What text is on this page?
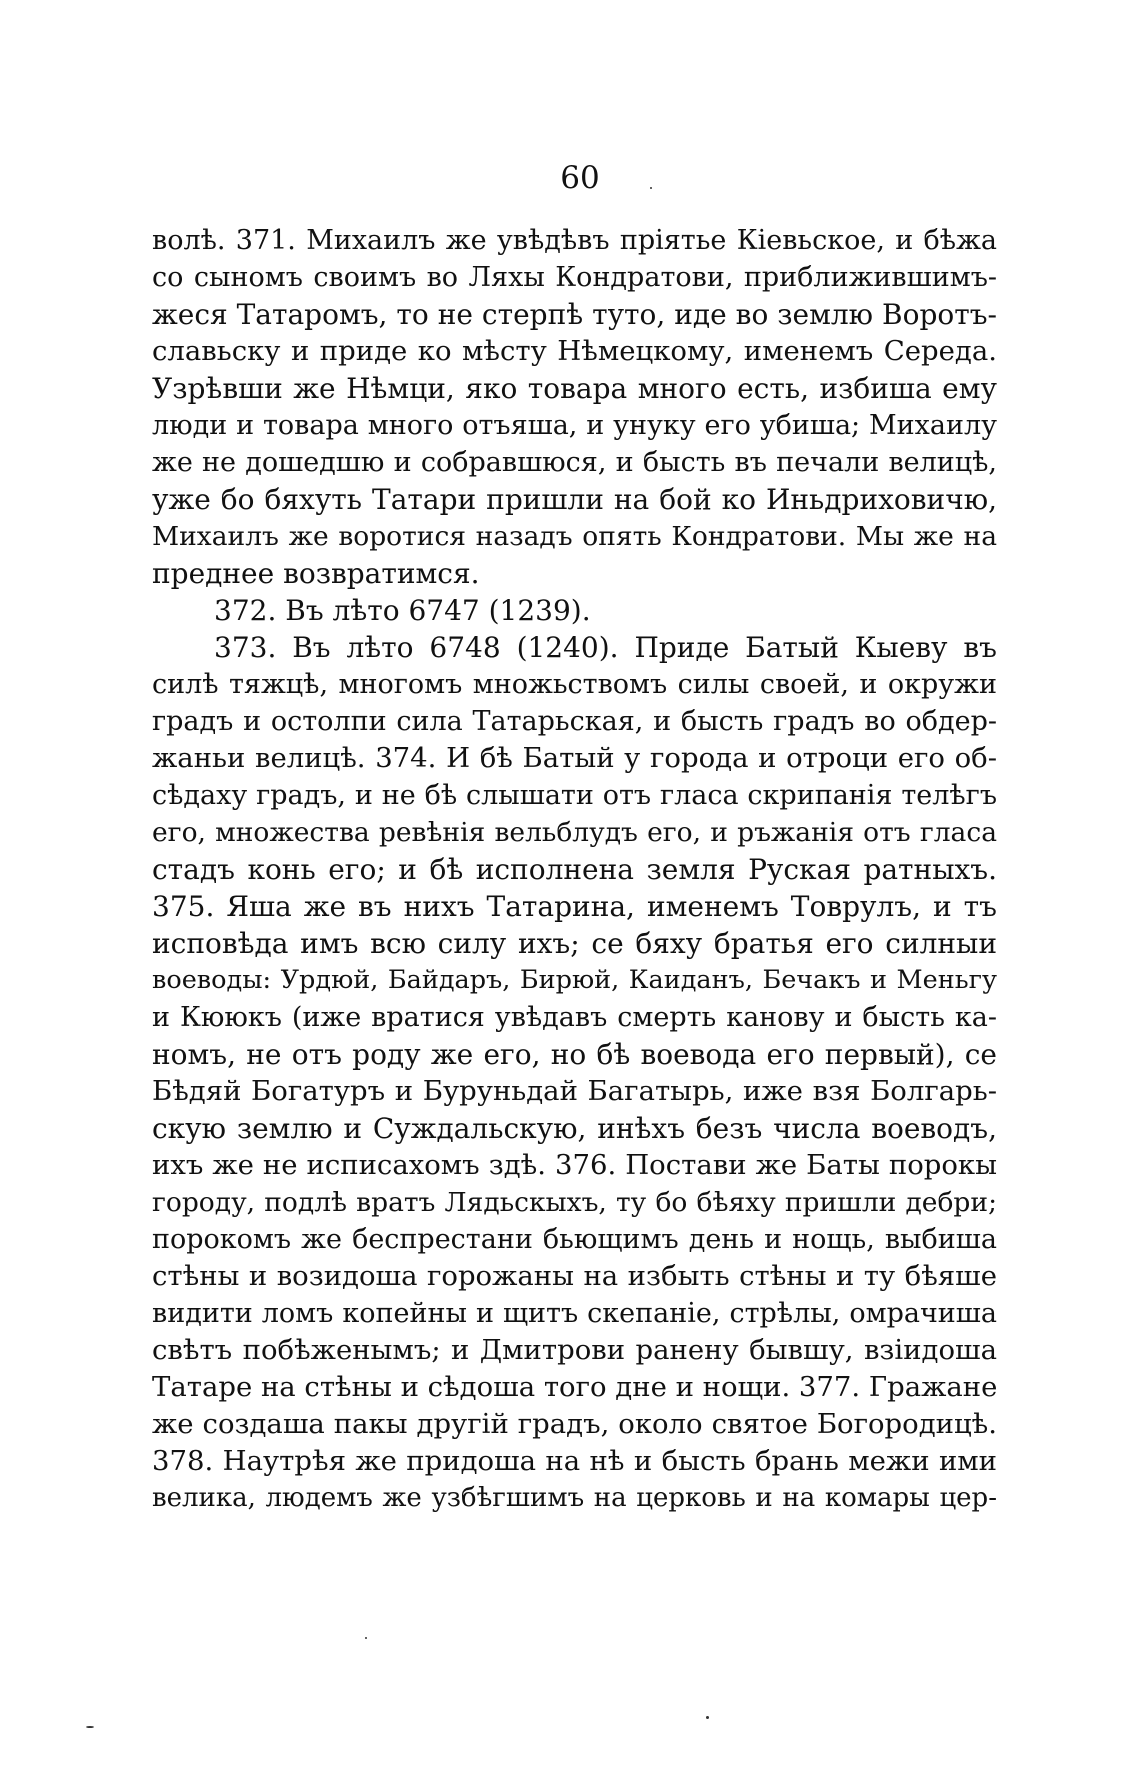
60
волѣ. 371. Михаилъ же увѣдѣвъ пріятье Кіевьское, и бѣжа
со сыномъ своимъ во Ляхы Кондратови, приближившимъ-
жеся Татаромъ, то не стерпѣ туто, иде во землю Воротъ-
славьску и приде ко мѣсту Нѣмецкому, именемъ Середа.
Узрѣвши же Нѣмци, яко товара много есть, избиша ему
люди и товара много отъяша, и унуку его убиша; Михаилу
же не дошедшю и собравшюся, и бысть въ печали велицѣ,
уже бо бяхуть Татари пришли на бой ко Иньдриховичю,
Михаилъ же воротися назадъ опять Кондратови. Мы же на
преднее возвратимся.
372. Въ лѣто 6747 (1239).
373. Въ лѣто 6748 (1240). Приде Батый Кыеву въ
силѣ тяжцѣ, многомъ множьствомъ силы своей, и окружи
градъ и остолпи сила Татарьская, и бысть градъ во обдер-
жаньи велицѣ. 374. И бѣ Батый у города и отроци его об-
сѣдаху градъ, и не бѣ слышати отъ гласа скрипанія телѣгъ
его, множества ревѣнія вельблудъ его, и ръжанія отъ гласа
стадъ конь его; и бѣ исполнена земля Руская ратныхъ.
375. Яша же въ нихъ Татарина, именемъ Товрулъ, и тъ
исповѣда имъ всю силу ихъ; се бяху братья его силныи
воеводы: Урдюй, Байдаръ, Бирюй, Каиданъ, Бечакъ и Меньгу
и Кююкъ (иже вратися увѣдавъ смерть канову и бысть ка-
номъ, не отъ роду же его, но бѣ воевода его первый), се
Бѣдяй Богатуръ и Буруньдай Багатырь, иже взя Болгарь-
скую землю и Суждальскую, инѣхъ безъ числа воеводъ,
ихъ же не исписахомъ здѣ. 376. Постави же Баты порокы
городу, подлѣ вратъ Лядьскыхъ, ту бо бѣяху пришли дебри;
порокомъ же беспрестани бьющимъ день и нощь, выбиша
стѣны и возидоша горожаны на избыть стѣны и ту бѣяше
видити ломъ копейны и щитъ скепаніе, стрѣлы, омрачиша
свѣтъ побѣженымъ; и Дмитрови ранену бывшу, взiидоша
Татаре на стѣны и сѣдоша того дне и нощи. 377. Гражане
же создаша пакы другій градъ, около святое Богородицѣ.
378. Наутрѣя же придоша на нѣ и бысть брань межи ими
велика, людемъ же узбѣгшимъ на церковь и на комары цер-
